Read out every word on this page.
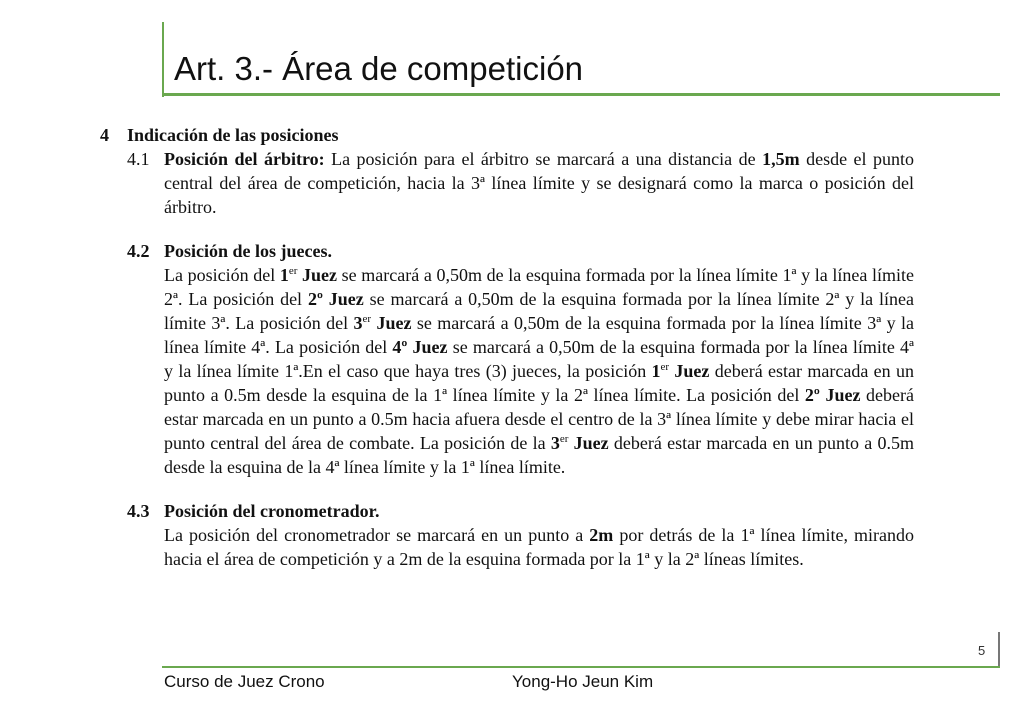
Art. 3.- Área de competición
4 Indicación de las posiciones
4.1 Posición del árbitro: La posición para el árbitro se marcará a una distancia de 1,5m desde el punto central del área de competición, hacia la 3ª línea límite y se designará como la marca o posición del árbitro.
4.2 Posición de los jueces.
La posición del 1er Juez se marcará a 0,50m de la esquina formada por la línea límite 1ª y la línea límite 2ª. La posición del 2º Juez se marcará a 0,50m de la esquina formada por la línea límite 2ª y la línea límite 3ª. La posición del 3er Juez se marcará a 0,50m de la esquina formada por la línea límite 3ª y la línea límite 4ª. La posición del 4º Juez se marcará a 0,50m de la esquina formada por la línea límite 4ª y la línea límite 1ª.En el caso que haya tres (3) jueces, la posición 1er Juez deberá estar marcada en un punto a 0.5m desde la esquina de la 1ª línea límite y la 2ª línea límite. La posición del 2º Juez deberá estar marcada en un punto a 0.5m hacia afuera desde el centro de la 3ª línea límite y debe mirar hacia el punto central del área de combate. La posición de la 3er Juez deberá estar marcada en un punto a 0.5m desde la esquina de la 4ª línea límite y la 1ª línea límite.
4.3 Posición del cronometrador.
La posición del cronometrador se marcará en un punto a 2m por detrás de la 1ª línea límite, mirando hacia el área de competición y a 2m de la esquina formada por la 1ª y la 2ª líneas límites.
5
Curso de Juez Crono	Yong-Ho Jeun Kim
